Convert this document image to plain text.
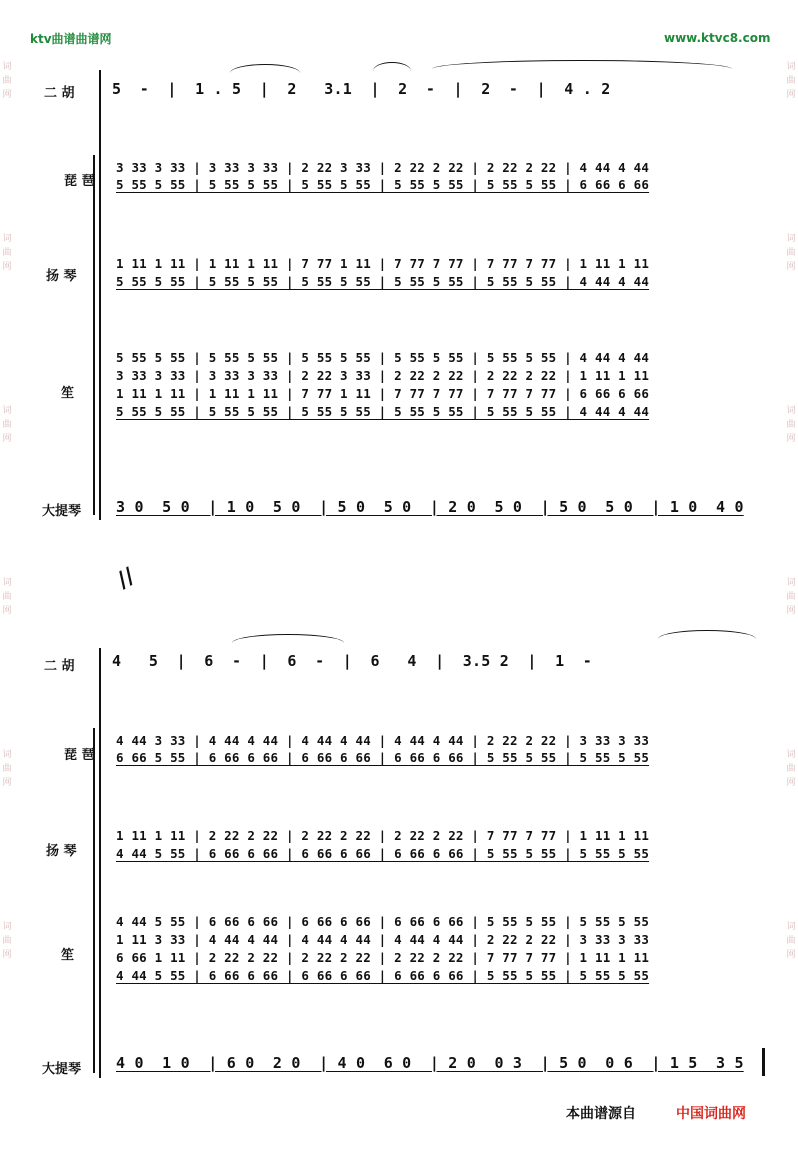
ktv曲谱曲谱网	www.ktvc8.com
词
曲
网
词
曲
网
词
曲
网
词
曲
网
词
曲
网
词
曲
网
词
曲
网
词
曲
网
词
曲
网
词
曲
网
词
曲
网
词
曲
网
二 胡 5  -  |  1 . 5  |  2   3.1  |  2  -  |  2  -  |  4 . 2
琵 琶
3 33 3 33 | 3 33 3 33 | 2 22 3 33 | 2 22 2 22 | 2 22 2 22 | 4 44 4 44
5 55 5 55 | 5 55 5 55 | 5 55 5 55 | 5 55 5 55 | 5 55 5 55 | 6 66 6 66
扬 琴
1 11 1 11 | 1 11 1 11 | 7 77 1 11 | 7 77 7 77 | 7 77 7 77 | 1 11 1 11
5 55 5 55 | 5 55 5 55 | 5 55 5 55 | 5 55 5 55 | 5 55 5 55 | 4 44 4 44
笙
5 55 5 55 | 5 55 5 55 | 5 55 5 55 | 5 55 5 55 | 5 55 5 55 | 4 44 4 44
3 33 3 33 | 3 33 3 33 | 2 22 3 33 | 2 22 2 22 | 2 22 2 22 | 1 11 1 11
1 11 1 11 | 1 11 1 11 | 7 77 1 11 | 7 77 7 77 | 7 77 7 77 | 6 66 6 66
5 55 5 55 | 5 55 5 55 | 5 55 5 55 | 5 55 5 55 | 5 55 5 55 | 4 44 4 44
大提琴 3 0  5 0  | 1 0  5 0  | 5 0  5 0  | 2 0  5 0  | 5 0  5 0  | 1 0  4 0
//
二 胡 4   5  |  6  -  |  6  -  |  6   4  |  3.5 2  |  1  -
琵 琶
4 44 3 33 | 4 44 4 44 | 4 44 4 44 | 4 44 4 44 | 2 22 2 22 | 3 33 3 33
6 66 5 55 | 6 66 6 66 | 6 66 6 66 | 6 66 6 66 | 5 55 5 55 | 5 55 5 55
扬 琴
1 11 1 11 | 2 22 2 22 | 2 22 2 22 | 2 22 2 22 | 7 77 7 77 | 1 11 1 11
4 44 5 55 | 6 66 6 66 | 6 66 6 66 | 6 66 6 66 | 5 55 5 55 | 5 55 5 55
笙
4 44 5 55 | 6 66 6 66 | 6 66 6 66 | 6 66 6 66 | 5 55 5 55 | 5 55 5 55
1 11 3 33 | 4 44 4 44 | 4 44 4 44 | 4 44 4 44 | 2 22 2 22 | 3 33 3 33
6 66 1 11 | 2 22 2 22 | 2 22 2 22 | 2 22 2 22 | 7 77 7 77 | 1 11 1 11
4 44 5 55 | 6 66 6 66 | 6 66 6 66 | 6 66 6 66 | 5 55 5 55 | 5 55 5 55
大提琴 4 0  1 0  | 6 0  2 0  | 4 0  6 0  | 2 0  0 3  | 5 0  0 6  | 1 5  3 5
本曲谱源自	中国词曲网
